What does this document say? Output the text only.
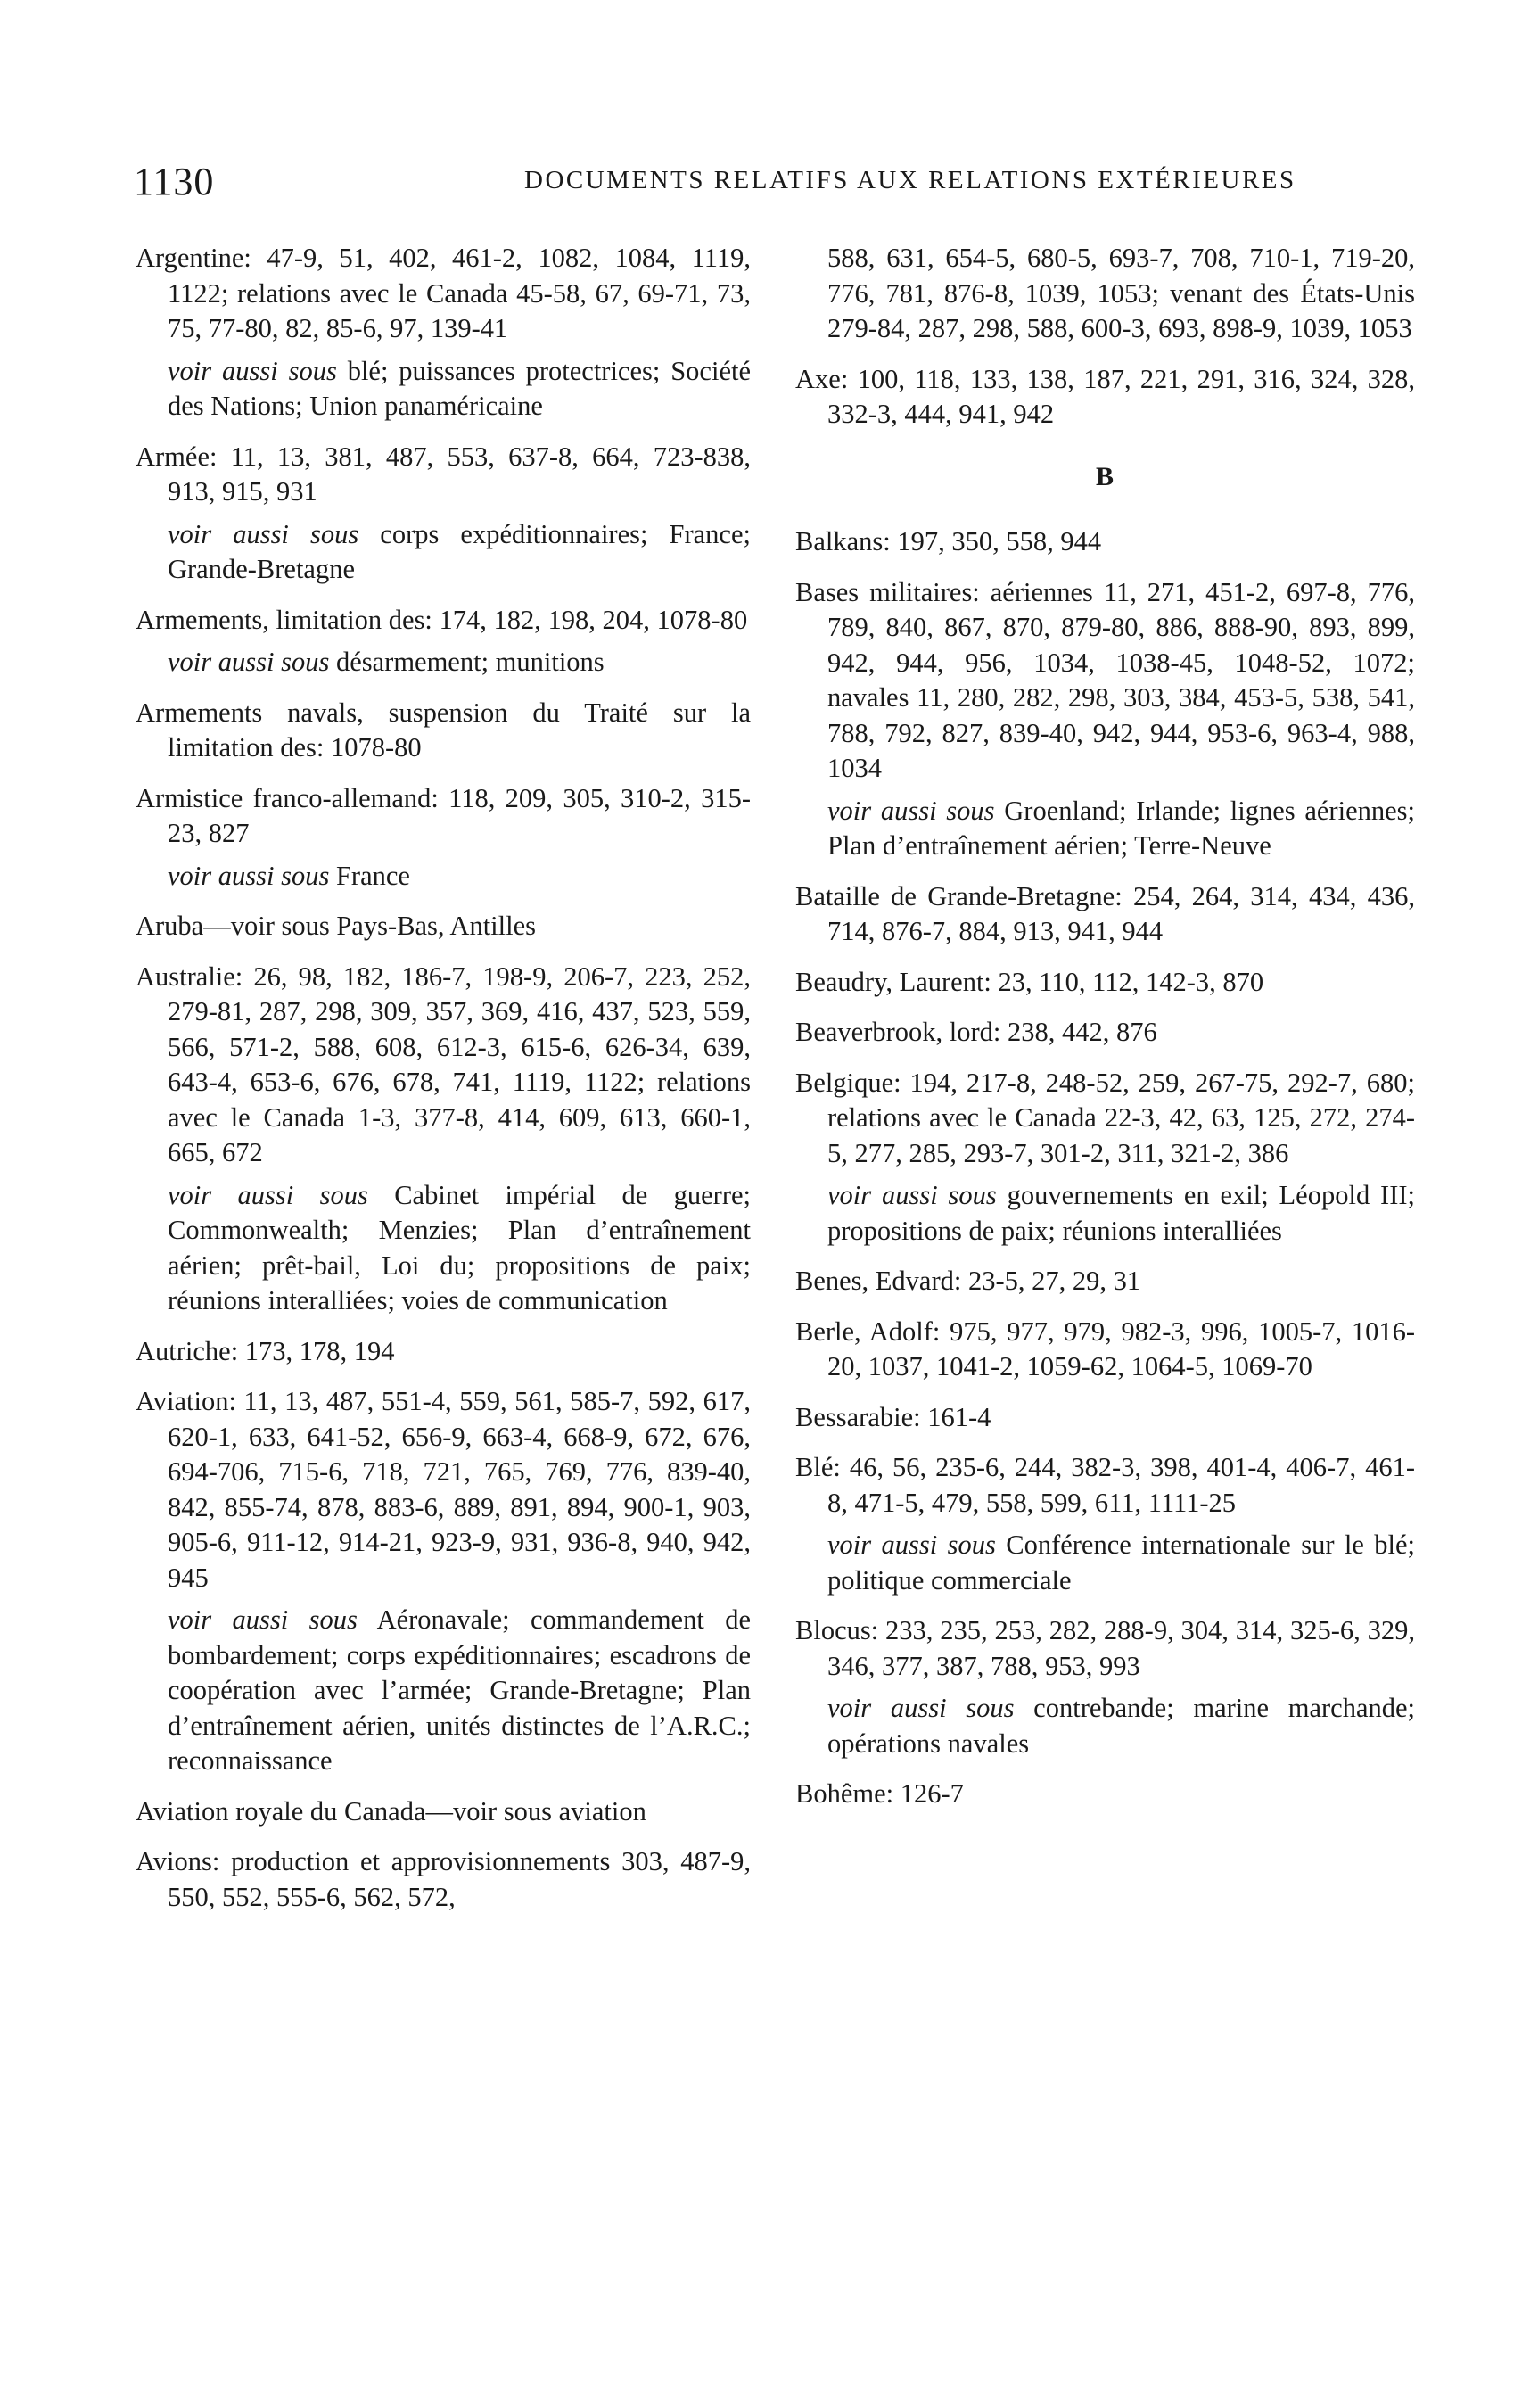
1130	DOCUMENTS RELATIFS AUX RELATIONS EXTÉRIEURES
Argentine: 47-9, 51, 402, 461-2, 1082, 1084, 1119, 1122; relations avec le Canada 45-58, 67, 69-71, 73, 75, 77-80, 82, 85-6, 97, 139-41
voir aussi sous blé; puissances protectrices; Société des Nations; Union panaméricaine
Armée: 11, 13, 381, 487, 553, 637-8, 664, 723-838, 913, 915, 931
voir aussi sous corps expéditionnaires; France; Grande-Bretagne
Armements, limitation des: 174, 182, 198, 204, 1078-80
voir aussi sous désarmement; munitions
Armements navals, suspension du Traité sur la limitation des: 1078-80
Armistice franco-allemand: 118, 209, 305, 310-2, 315-23, 827
voir aussi sous France
Aruba—voir sous Pays-Bas, Antilles
Australie: 26, 98, 182, 186-7, 198-9, 206-7, 223, 252, 279-81, 287, 298, 309, 357, 369, 416, 437, 523, 559, 566, 571-2, 588, 608, 612-3, 615-6, 626-34, 639, 643-4, 653-6, 676, 678, 741, 1119, 1122; relations avec le Canada 1-3, 377-8, 414, 609, 613, 660-1, 665, 672
voir aussi sous Cabinet impérial de guerre; Commonwealth; Menzies; Plan d’entraînement aérien; prêt-bail, Loi du; propositions de paix; réunions interalliées; voies de communication
Autriche: 173, 178, 194
Aviation: 11, 13, 487, 551-4, 559, 561, 585-7, 592, 617, 620-1, 633, 641-52, 656-9, 663-4, 668-9, 672, 676, 694-706, 715-6, 718, 721, 765, 769, 776, 839-40, 842, 855-74, 878, 883-6, 889, 891, 894, 900-1, 903, 905-6, 911-12, 914-21, 923-9, 931, 936-8, 940, 942, 945
voir aussi sous Aéronavale; commandement de bombardement; corps expéditionnaires; escadrons de coopération avec l’armée; Grande-Bretagne; Plan d’entraînement aérien, unités distinctes de l’A.R.C.; reconnaissance
Aviation royale du Canada—voir sous aviation
Avions: production et approvisionnements 303, 487-9, 550, 552, 555-6, 562, 572,
588, 631, 654-5, 680-5, 693-7, 708, 710-1, 719-20, 776, 781, 876-8, 1039, 1053; venant des États-Unis 279-84, 287, 298, 588, 600-3, 693, 898-9, 1039, 1053
Axe: 100, 118, 133, 138, 187, 221, 291, 316, 324, 328, 332-3, 444, 941, 942
B
Balkans: 197, 350, 558, 944
Bases militaires: aériennes 11, 271, 451-2, 697-8, 776, 789, 840, 867, 870, 879-80, 886, 888-90, 893, 899, 942, 944, 956, 1034, 1038-45, 1048-52, 1072; navales 11, 280, 282, 298, 303, 384, 453-5, 538, 541, 788, 792, 827, 839-40, 942, 944, 953-6, 963-4, 988, 1034
voir aussi sous Groenland; Irlande; lignes aériennes; Plan d’entraînement aérien; Terre-Neuve
Bataille de Grande-Bretagne: 254, 264, 314, 434, 436, 714, 876-7, 884, 913, 941, 944
Beaudry, Laurent: 23, 110, 112, 142-3, 870
Beaverbrook, lord: 238, 442, 876
Belgique: 194, 217-8, 248-52, 259, 267-75, 292-7, 680; relations avec le Canada 22-3, 42, 63, 125, 272, 274-5, 277, 285, 293-7, 301-2, 311, 321-2, 386
voir aussi sous gouvernements en exil; Léopold III; propositions de paix; réunions interalliées
Benes, Edvard: 23-5, 27, 29, 31
Berle, Adolf: 975, 977, 979, 982-3, 996, 1005-7, 1016-20, 1037, 1041-2, 1059-62, 1064-5, 1069-70
Bessarabie: 161-4
Blé: 46, 56, 235-6, 244, 382-3, 398, 401-4, 406-7, 461-8, 471-5, 479, 558, 599, 611, 1111-25
voir aussi sous Conférence internationale sur le blé; politique commerciale
Blocus: 233, 235, 253, 282, 288-9, 304, 314, 325-6, 329, 346, 377, 387, 788, 953, 993
voir aussi sous contrebande; marine marchande; opérations navales
Bohême: 126-7
